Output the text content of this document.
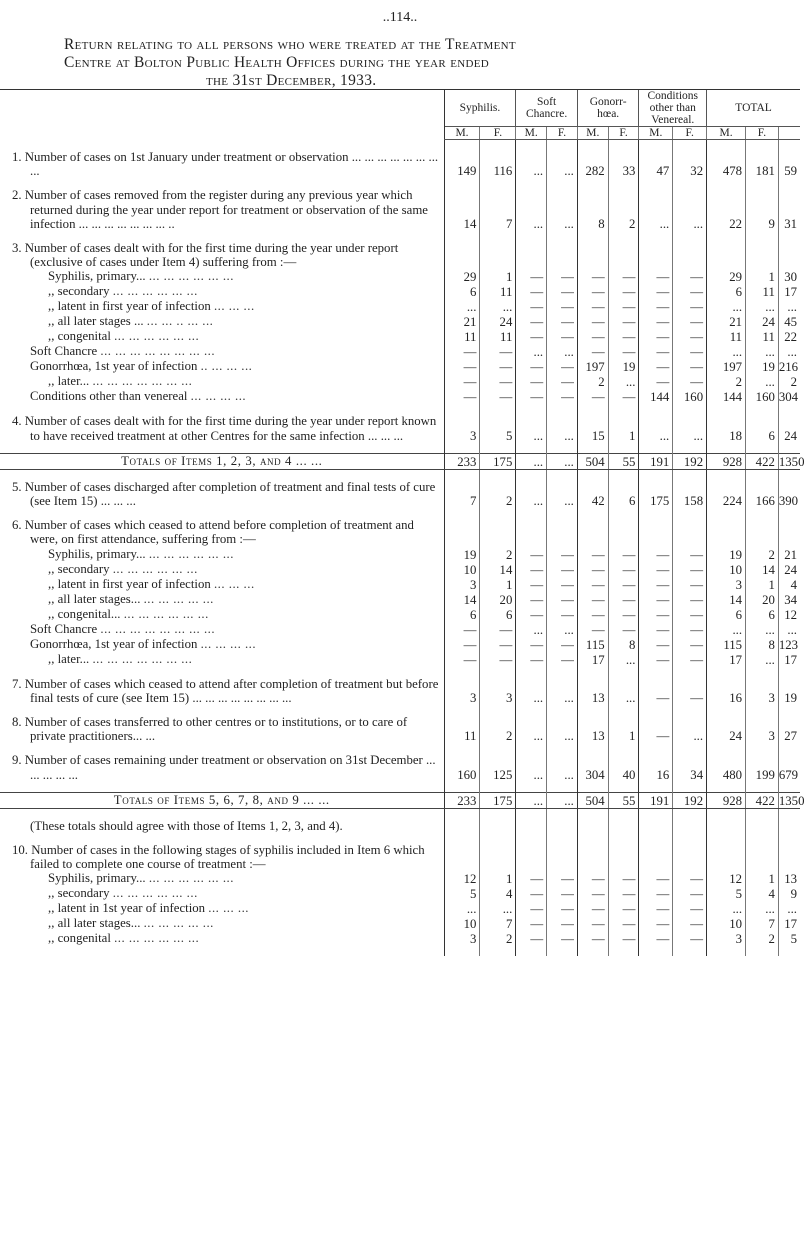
..114..
Return relating to all persons who were treated at the Treatment
Centre at Bolton Public Health Offices during the year ended
the 31st December, 1933.
	Syphilis.		Soft Chancre.		Gonorr- hœa.		Conditions other than Venereal.		TOTAL		
	M.	F.	M.	F.	M.	F.	M.	F.	M.	F.	

1. Number of cases on 1st January under treatment or observation ... ... ... ... ... ... ... ...	149	116	...	...	282	33	47	32	478	181	59

2. Number of cases removed from the register during any previous year which returned during the year under report for treatment or observation of the same infection ... ... ... ... ... ... ... ..	14	7	...	...	8	2	...	...	22	9	31

3. Number of cases dealt with for the first time during the year under report (exclusive of cases under Item 4) suffering from :—											
Syphilis, primary... ... ... ... ... ... ...	29	1	—	—	—	—	—	—	29	1	30
,, secondary ... ... ... ... ... ...	6	11	—	—	—	—	—	—	6	11	17
,, latent in first year of infection ... ... ...	...	...	—	—	—	—	—	—	...	...	...
,, all later stages ... ... ... .. ... ...	21	24	—	—	—	—	—	—	21	24	45
,, congenital ... ... ... ... ... ...	11	11	—	—	—	—	—	—	11	11	22
Soft Chancre ... ... ... ... ... ... ... ...	—	—	...	...	—	—	—	—	...	...	...
Gonorrhœa, 1st year of infection .. ... ... ...	—	—	—	—	197	19	—	—	197	19	216
,, later... ... ... ... ... ... ... ...	—	—	—	—	2	...	—	—	2	...	2
Conditions other than venereal ... ... ... ...	—	—	—	—	—	—	144	160	144	160	304

4. Number of cases dealt with for the first time during the year under report known to have received treatment at other Centres for the same infection ... ... ...	3	5	...	...	15	1	...	...	18	6	24

Totals of Items 1, 2, 3, and 4 ... ...	233	175	...	...	504	55	191	192	928	422	1350

5. Number of cases discharged after completion of treatment and final tests of cure (see Item 15) ... ... ...	7	2	...	...	42	6	175	158	224	166	390

6. Number of cases which ceased to attend before completion of treatment and were, on first attendance, suffering from :—											
Syphilis, primary... ... ... ... ... ... ...	19	2	—	—	—	—	—	—	19	2	21
,, secondary ... ... ... ... ... ...	10	14	—	—	—	—	—	—	10	14	24
,, latent in first year of infection ... ... ...	3	1	—	—	—	—	—	—	3	1	4
,, all later stages... ... ... ... ... ...	14	20	—	—	—	—	—	—	14	20	34
,, congenital... ... ... ... ... ... ...	6	6	—	—	—	—	—	—	6	6	12
Soft Chancre ... ... ... ... ... ... ... ...	—	—	...	...	—	—	—	—	...	...	...
Gonorrhœa, 1st year of infection ... ... ... ...	—	—	—	—	115	8	—	—	115	8	123
,, later... ... ... ... ... ... ... ...	—	—	—	—	17	...	—	—	17	...	17

7. Number of cases which ceased to attend after completion of treatment but before final tests of cure (see Item 15) ... ... ... ... ... ... ... ...	3	3	...	...	13	...	—	—	16	3	19

8. Number of cases transferred to other centres or to institutions, or to care of private practitioners... ...	11	2	...	...	13	1	—	...	24	3	27

9. Number of cases remaining under treatment or observation on 31st December ... ... ... ... ...	160	125	...	...	304	40	16	34	480	199	679

Totals of Items 5, 6, 7, 8, and 9 ... ...	233	175	...	...	504	55	191	192	928	422	1350

(These totals should agree with those of Items 1, 2, 3, and 4).											

10. Number of cases in the following stages of syphilis included in Item 6 which failed to complete one course of treatment :—											
Syphilis, primary... ... ... ... ... ... ...	12	1	—	—	—	—	—	—	12	1	13
,, secondary ... ... ... ... ... ...	5	4	—	—	—	—	—	—	5	4	9
,, latent in 1st year of infection ... ... ...	...	...	—	—	—	—	—	—	...	...	...
,, all later stages... ... ... ... ... ...	10	7	—	—	—	—	—	—	10	7	17
,, congenital ... ... ... ... ... ...	3	2	—	—	—	—	—	—	3	2	5
